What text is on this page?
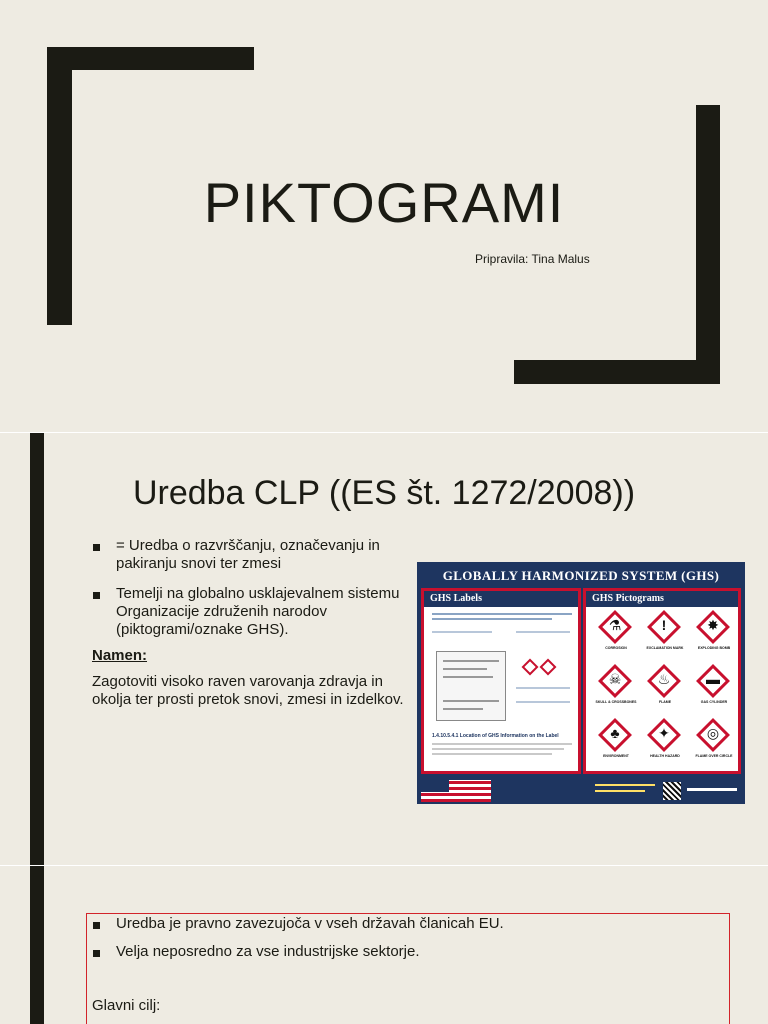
PIKTOGRAMI
Pripravila: Tina Malus
Uredba CLP ((ES št. 1272/2008))
= Uredba o razvrščanju, označevanju in pakiranju snovi ter zmesi
Temelji na globalno usklajevalnem sistemu Organizacije združenih narodov (piktogrami/oznake GHS).
Namen:
Zagotoviti visoko raven varovanja zdravja in okolja ter prosti pretok snovi, zmesi in izdelkov.
GLOBALLY HARMONIZED SYSTEM (GHS)
GHS Labels
1.4.10.5.4.1 Location of GHS Information on the Label
GHS Pictograms
⚗
CORROSION
!
EXCLAMATION MARK
✸
EXPLODING BOMB
☠
SKULL & CROSSBONES
♨
FLAME
▬
GAS CYLINDER
♣
ENVIRONMENT
✦
HEALTH HAZARD
◎
FLAME OVER CIRCLE
Uredba je pravno zavezujoča v vseh državah članicah EU.
Velja neposredno za vse industrijske sektorje.
Glavni cilj:
